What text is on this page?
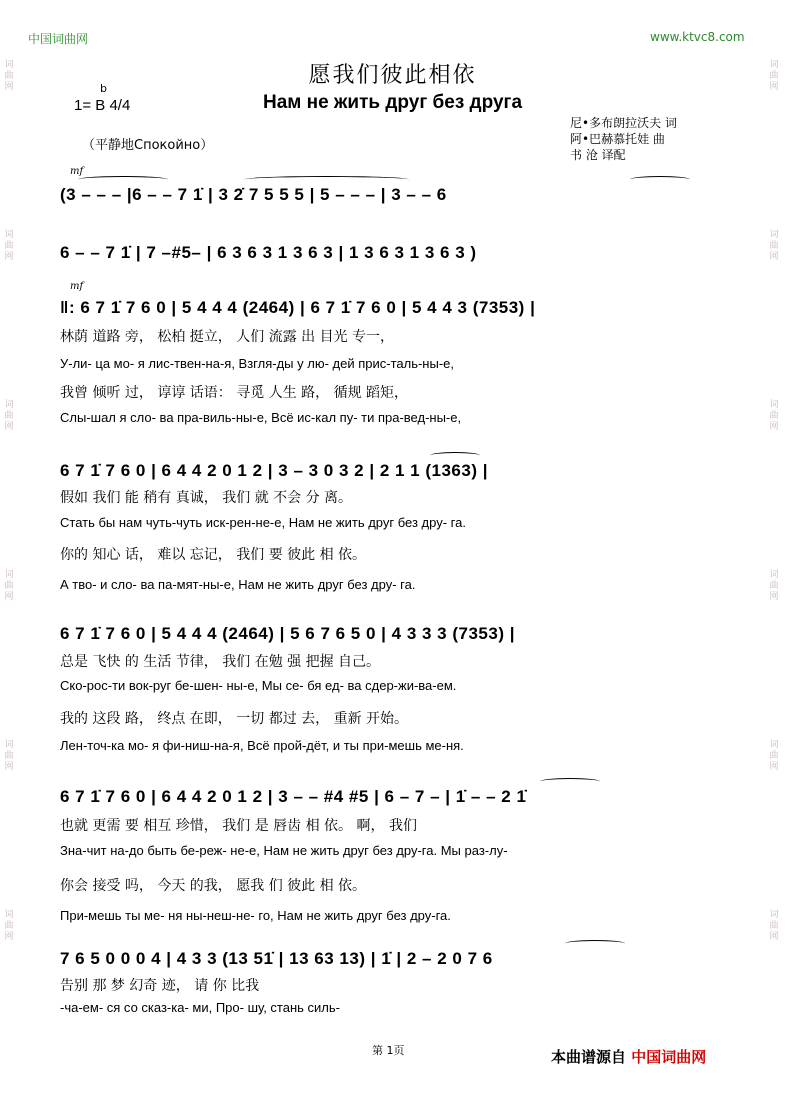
词曲网
词曲网
词曲网
词曲网
词曲网
词曲网
词曲网
词曲网
词曲网
词曲网
词曲网
词曲网
中国词曲网	www.ktvc8.com
愿我们彼此相依
Нам не жить друг без друга
b
1= B 4/4
（平静地Спокойно）
尼•多布朗拉沃夫 词
阿•巴赫慕托娃 曲
书 沧 译配
mf
(3 – – – |6 – – 7 1̇ | 3 2̇ 7 5 5 5 | 5 – – – | 3 – – 6
6 – – 7 1̇ | 7 –#5– | 6 3 6 3 1 3 6 3 | 1 3 6 3 1 3 6 3 )
mf
‖: 6 7 1̇ 7 6 0 | 5 4 4 4 (2464) | 6 7 1̇ 7 6 0 | 5 4 4 3 (7353) |
林荫 道路 旁， 松柏 挺立， 人们 流露 出 目光 专一，
У-ли- ца мо- я лис-твен-на-я, Взгля-ды у лю- дей прис-таль-ны-е,
我曾 倾听 过， 谆谆 话语： 寻觅 人生 路， 循规 蹈矩，
Слы-шал я сло- ва пра-виль-ны-е, Всё ис-кал пу- ти пра-вед-ны-е,
6 7 1̇ 7 6 0 | 6 4 4 2 0 1 2 | 3 – 3 0 3 2 | 2 1 1 (1363) |
假如 我们 能 稍有 真诚， 我们 就 不会 分 离。
Стать бы нам чуть-чуть иск-рен-не-е, Нам не жить друг без дру- га.
你的 知心 话， 难以 忘记， 我们 要 彼此 相 依。
А тво- и сло- ва па-мят-ны-е, Нам не жить друг без дру- га.
6 7 1̇ 7 6 0 | 5 4 4 4 (2464) | 5 6 7 6 5 0 | 4 3 3 3 (7353) |
总是 飞快 的 生活 节律， 我们 在勉 强 把握 自己。
Ско-рос-ти вок-руг бе-шен- ны-е, Мы се- бя ед- ва сдер-жи-ва-ем.
我的 这段 路， 终点 在即， 一切 都过 去， 重新 开始。
Лен-точ-ка мо- я фи-ниш-на-я, Всё прой-дёт, и ты при-мешь ме-ня.
6 7 1̇ 7 6 0 | 6 4 4 2 0 1 2 | 3 – – #4 #5 | 6 – 7 – | 1̇ – – 2 1̇
也就 更需 要 相互 珍惜， 我们 是 唇齿 相 依。 啊， 我们
Зна-чит на-до быть бе-реж- не-е, Нам не жить друг без дру-га. Мы раз-лу-
你会 接受 吗， 今天 的我， 愿我 们 彼此 相 依。
При-мешь ты ме- ня ны-неш-не- го, Нам не жить друг без дру-га.
7 6 5 0 0 0 4 | 4 3 3 (13 51̇ | 13 63 13) | 1̇ | 2 – 2 0 7 6
告别 那 梦 幻奇 迹， 请 你 比我
-ча-ем- ся со сказ-ка- ми, Про- шу, стань силь-
第 1页	本曲谱源自 中国词曲网
